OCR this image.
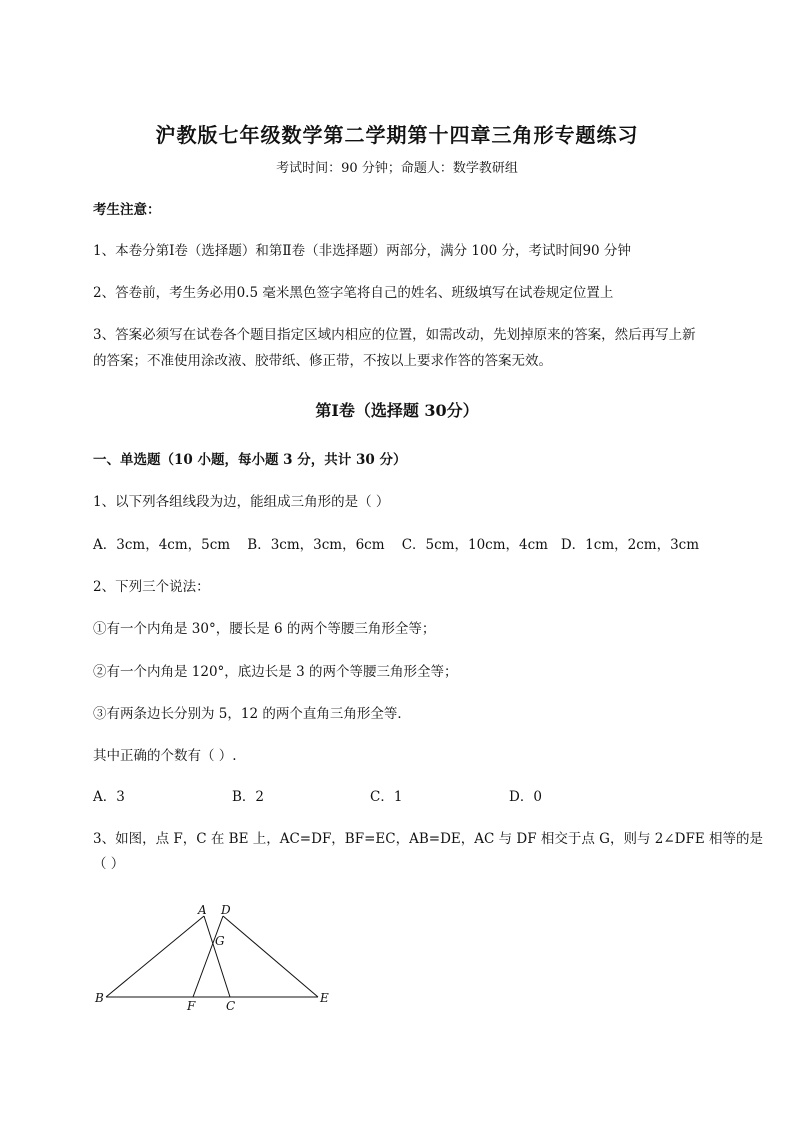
沪教版七年级数学第二学期第十四章三角形专题练习
考试时间：90 分钟；命题人：数学教研组
考生注意：
1、本卷分第Ⅰ卷（选择题）和第Ⅱ卷（非选择题）两部分，满分 100 分，考试时间90 分钟
2、答卷前，考生务必用0.5 毫米黑色签字笔将自己的姓名、班级填写在试卷规定位置上
3、答案必须写在试卷各个题目指定区域内相应的位置，如需改动，先划掉原来的答案，然后再写上新
的答案；不准使用涂改液、胶带纸、修正带，不按以上要求作答的答案无效。
第Ⅰ卷（选择题 30分）
一、单选题（10 小题，每小题 3 分，共计 30 分）
1、以下列各组线段为边，能组成三角形的是（ ）
A．3cm，4cm，5cm    B．3cm，3cm，6cm    C．5cm，10cm，4cm   D．1cm，2cm，3cm
2、下列三个说法：
①有一个内角是 30°，腰长是 6 的两个等腰三角形全等；
②有一个内角是 120°，底边长是 3 的两个等腰三角形全等；
③有两条边长分别为 5，12 的两个直角三角形全等．
其中正确的个数有（ ）.
A．3	B．2	C．1	D．0
3、如图，点 F，C 在 BE 上，AC=DF，BF=EC，AB=DE，AC 与 DF 相交于点 G，则与 2∠DFE 相等的是
（ ）
A D
G
B
F	C
E
